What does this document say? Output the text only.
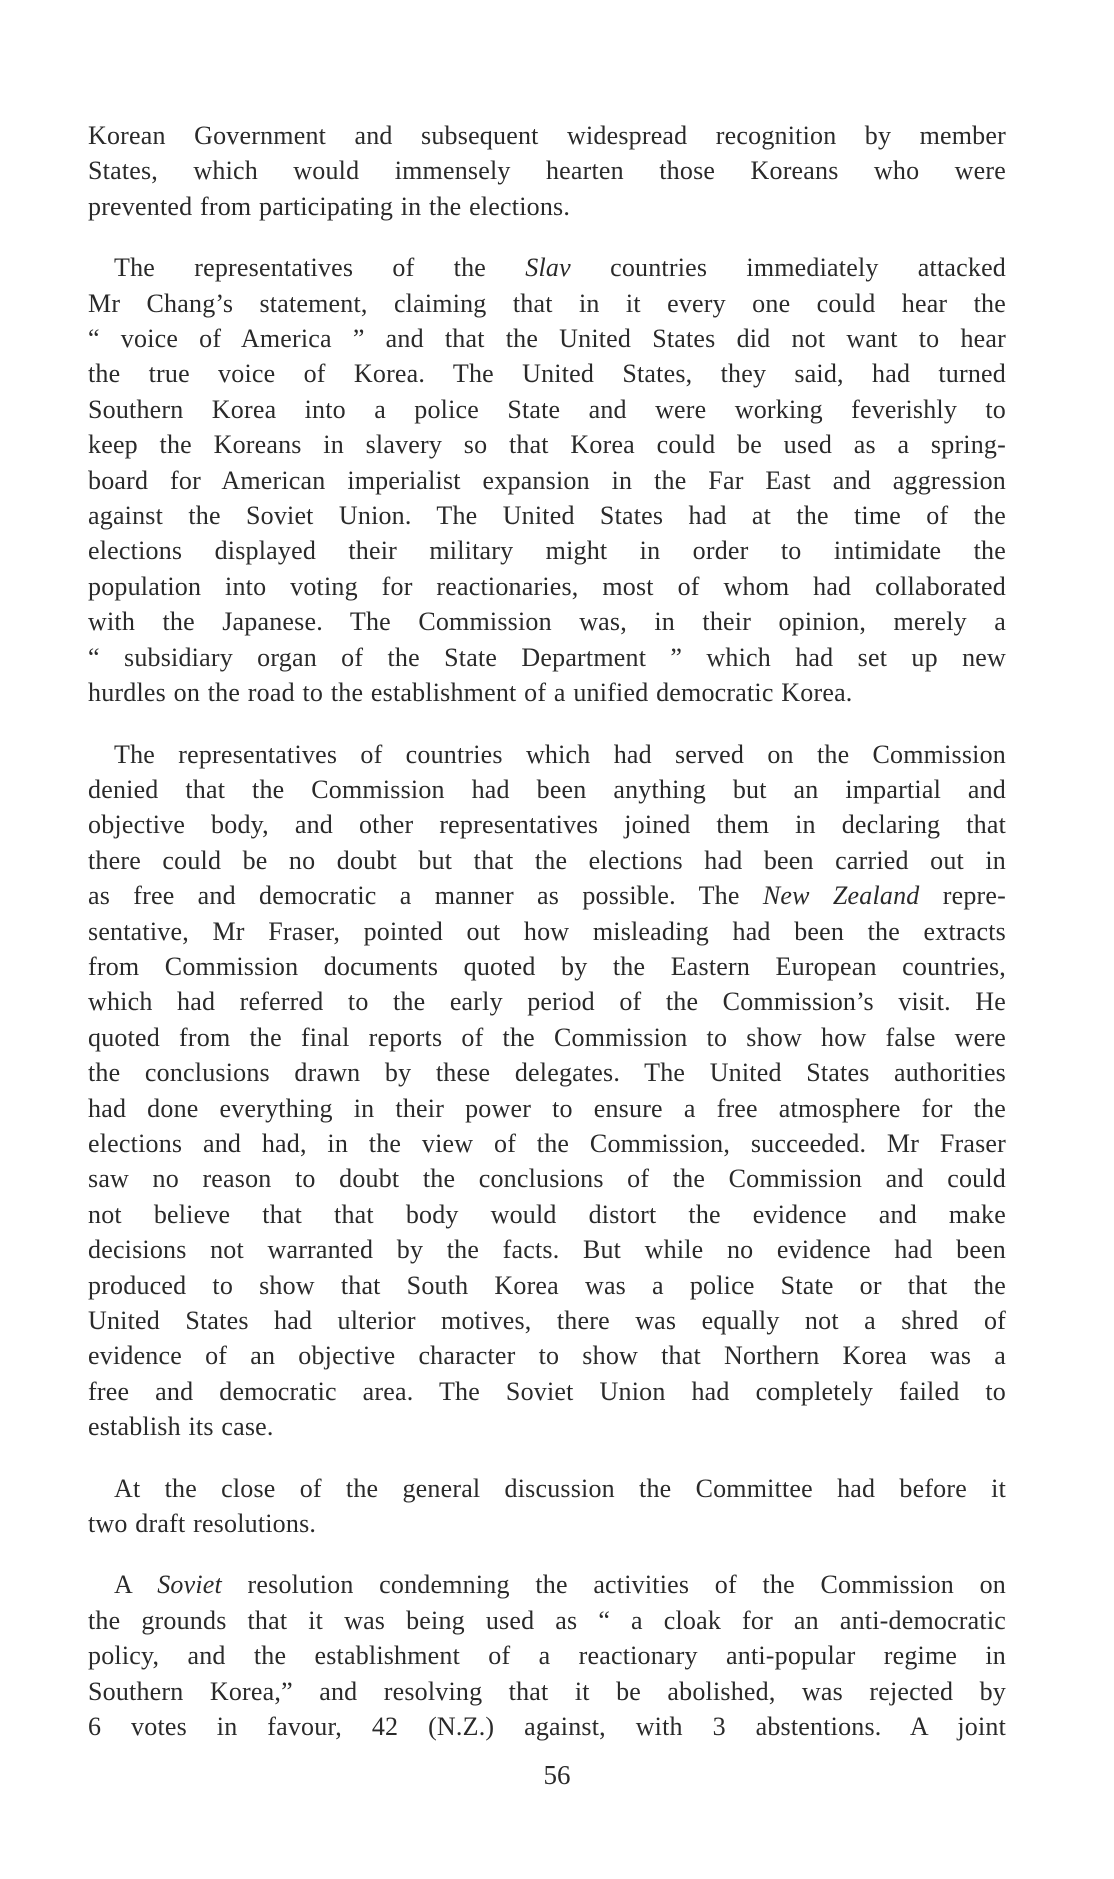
Korean Government and subsequent widespread recognition by member
States, which would immensely hearten those Koreans who were
prevented from participating in the elections.

The representatives of the Slav countries immediately attacked
Mr Chang’s statement, claiming that in it every one could hear the
“ voice of America ” and that the United States did not want to hear
the true voice of Korea. The United States, they said, had turned
Southern Korea into a police State and were working feverishly to
keep the Koreans in slavery so that Korea could be used as a spring-
board for American imperialist expansion in the Far East and aggression
against the Soviet Union. The United States had at the time of the
elections displayed their military might in order to intimidate the
population into voting for reactionaries, most of whom had collaborated
with the Japanese. The Commission was, in their opinion, merely a
“ subsidiary organ of the State Department ” which had set up new
hurdles on the road to the establishment of a unified democratic Korea.

The representatives of countries which had served on the Commission
denied that the Commission had been anything but an impartial and
objective body, and other representatives joined them in declaring that
there could be no doubt but that the elections had been carried out in
as free and democratic a manner as possible. The New Zealand repre-
sentative, Mr Fraser, pointed out how misleading had been the extracts
from Commission documents quoted by the Eastern European countries,
which had referred to the early period of the Commission’s visit. He
quoted from the final reports of the Commission to show how false were
the conclusions drawn by these delegates. The United States authorities
had done everything in their power to ensure a free atmosphere for the
elections and had, in the view of the Commission, succeeded. Mr Fraser
saw no reason to doubt the conclusions of the Commission and could
not believe that that body would distort the evidence and make
decisions not warranted by the facts. But while no evidence had been
produced to show that South Korea was a police State or that the
United States had ulterior motives, there was equally not a shred of
evidence of an objective character to show that Northern Korea was a
free and democratic area. The Soviet Union had completely failed to
establish its case.

At the close of the general discussion the Committee had before it
two draft resolutions.

A Soviet resolution condemning the activities of the Commission on
the grounds that it was being used as “ a cloak for an anti-democratic
policy, and the establishment of a reactionary anti-popular regime in
Southern Korea,” and resolving that it be abolished, was rejected by
6 votes in favour, 42 (N.Z.) against, with 3 abstentions. A joint

56
